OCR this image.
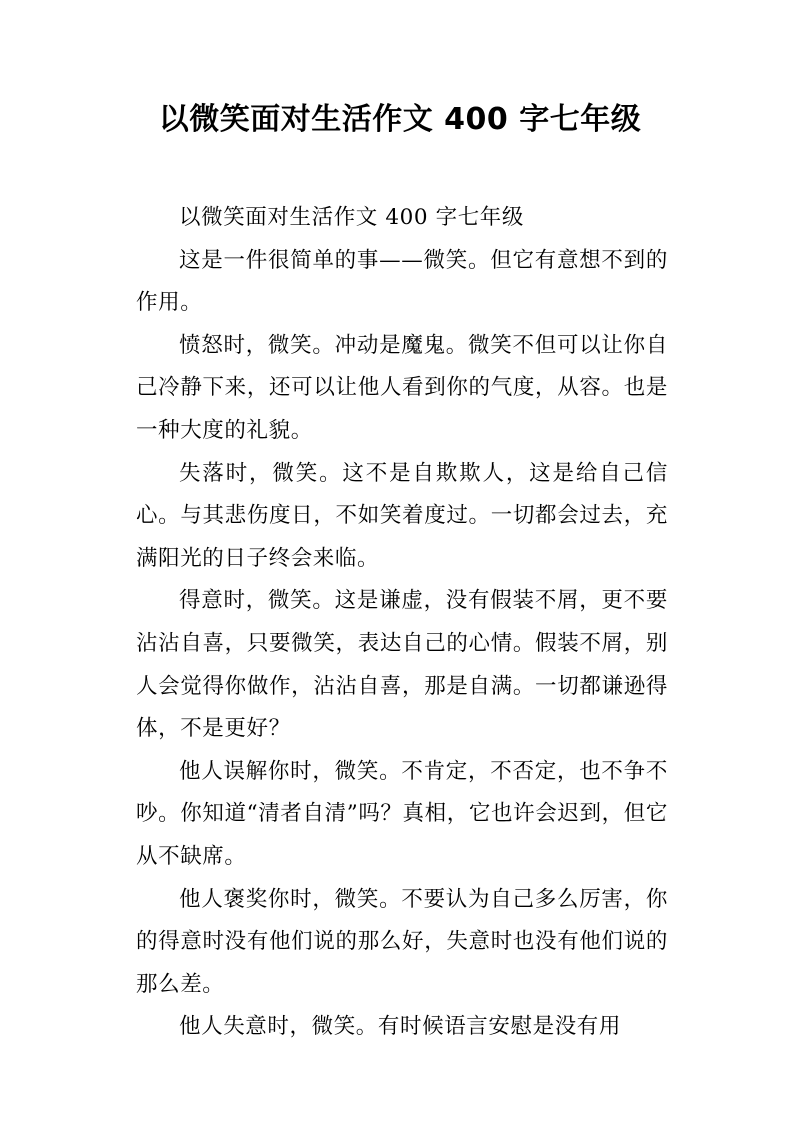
以微笑面对生活作文 400 字七年级

以微笑面对生活作文 400 字七年级

这是一件很简单的事——微笑。但它有意想不到的作用。

愤怒时，微笑。冲动是魔鬼。微笑不但可以让你自己冷静下来，还可以让他人看到你的气度，从容。也是一种大度的礼貌。

失落时，微笑。这不是自欺欺人，这是给自己信心。与其悲伤度日，不如笑着度过。一切都会过去，充满阳光的日子终会来临。

得意时，微笑。这是谦虚，没有假装不屑，更不要沾沾自喜，只要微笑，表达自己的心情。假装不屑，别人会觉得你做作，沾沾自喜，那是自满。一切都谦逊得体，不是更好？

他人误解你时，微笑。不肯定，不否定，也不争不吵。你知道“清者自清”吗？真相，它也许会迟到，但它从不缺席。

他人褒奖你时，微笑。不要认为自己多么厉害，你的得意时没有他们说的那么好，失意时也没有他们说的那么差。

他人失意时，微笑。有时候语言安慰是没有用
